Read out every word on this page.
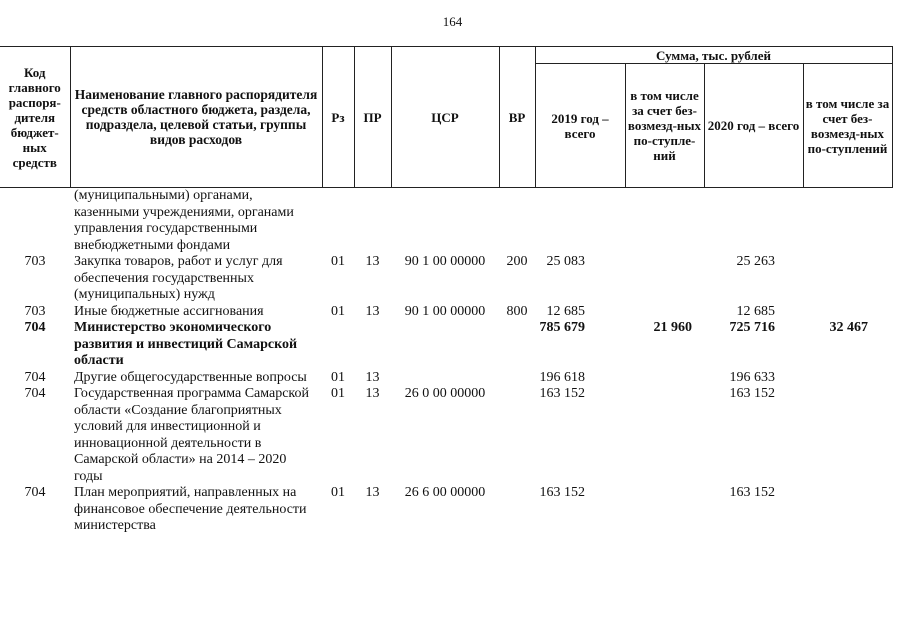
164
Код главного распоря-дителя бюджет-ных средств	Наименование главного распорядителя средств областного бюджета, раздела, подраздела, целевой статьи, группы видов расходов	Рз	ПР	ЦСР	ВР	Сумма, тыс. рублей			
						2019 год – всего	в том числе за счет без-возмезд-ных по-ступле-ний	2020 год – всего	в том числе за счет без-возмезд-ных по-ступлений
	(муниципальными) органами, казенными учреждениями, органами управления государственными внебюджетными фондами								
703	Закупка товаров, работ и услуг для обеспечения государственных (муниципальных) нужд	01	13	90 1 00 00000	200	25 083		25 263	
703	Иные бюджетные ассигнования	01	13	90 1 00 00000	800	12 685		12 685	
704	Министерство экономического развития и инвестиций Самарской области					785 679	21 960	725 716	32 467
704	Другие общегосударственные вопросы	01	13			196 618		196 633	
704	Государственная программа Самарской области «Создание благоприятных условий для инвестиционной и инновационной деятельности в Самарской области» на 2014 – 2020 годы	01	13	26 0 00 00000		163 152		163 152	
704	План мероприятий, направленных на финансовое обеспечение деятельности министерства	01	13	26 6 00 00000		163 152		163 152	
